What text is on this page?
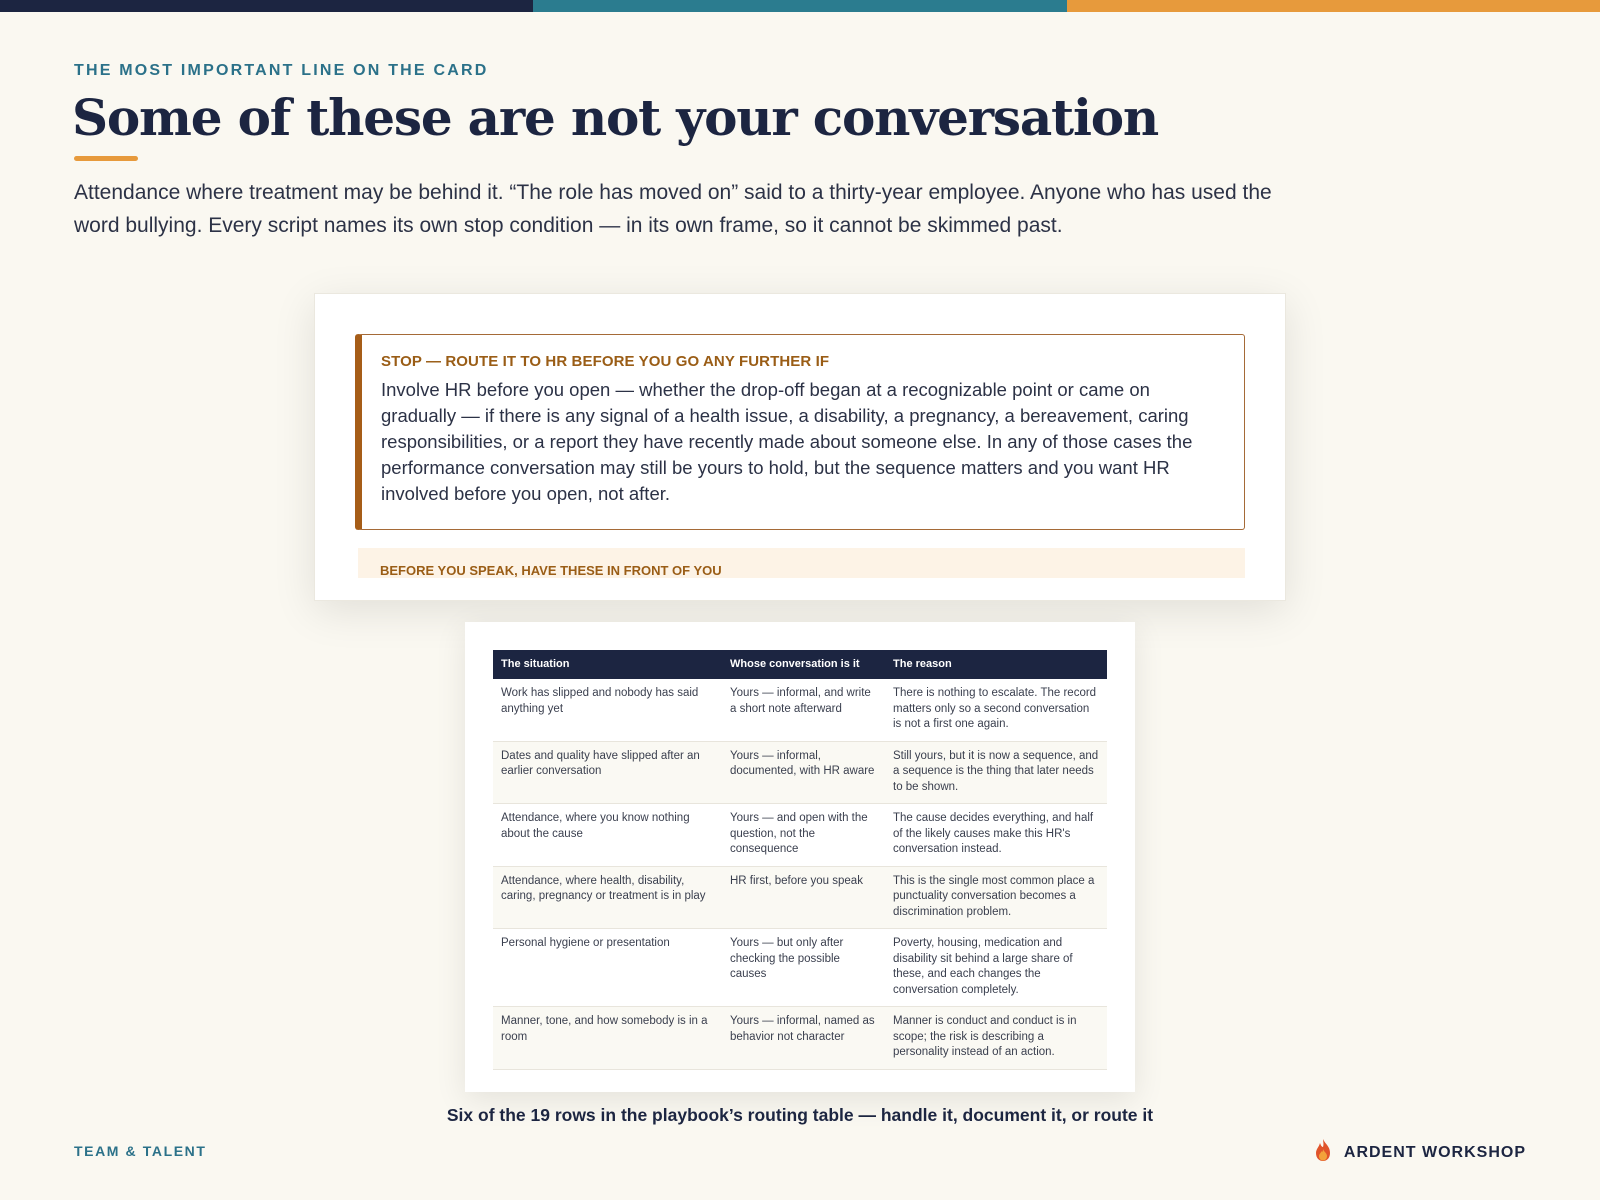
THE MOST IMPORTANT LINE ON THE CARD
Some of these are not your conversation

Attendance where treatment may be behind it. “The role has moved on” said to a thirty-year employee. Anyone who has used the word bullying. Every script names its own stop condition — in its own frame, so it cannot be skimmed past.

STOP — ROUTE IT TO HR BEFORE YOU GO ANY FURTHER IF
Involve HR before you open — whether the drop-off began at a recognizable point or came on gradually — if there is any signal of a health issue, a disability, a pregnancy, a bereavement, caring responsibilities, or a report they have recently made about someone else. In any of those cases the performance conversation may still be yours to hold, but the sequence matters and you want HR involved before you open, not after.
BEFORE YOU SPEAK, HAVE THESE IN FRONT OF YOU
The situation	Whose conversation is it	The reason
Work has slipped and nobody has said anything yet	Yours — informal, and write a short note afterward	There is nothing to escalate. The record matters only so a second conversation is not a first one again.
Dates and quality have slipped after an earlier conversation	Yours — informal, documented, with HR aware	Still yours, but it is now a sequence, and a sequence is the thing that later needs to be shown.
Attendance, where you know nothing about the cause	Yours — and open with the question, not the consequence	The cause decides everything, and half of the likely causes make this HR's conversation instead.
Attendance, where health, disability, caring, pregnancy or treatment is in play	HR first, before you speak	This is the single most common place a punctuality conversation becomes a discrimination problem.
Personal hygiene or presentation	Yours — but only after checking the possible causes	Poverty, housing, medication and disability sit behind a large share of these, and each changes the conversation completely.
Manner, tone, and how somebody is in a room	Yours — informal, named as behavior not character	Manner is conduct and conduct is in scope; the risk is describing a personality instead of an action.
Six of the 19 rows in the playbook’s routing table — handle it, document it, or route it
TEAM & TALENT	ARDENT WORKSHOP
